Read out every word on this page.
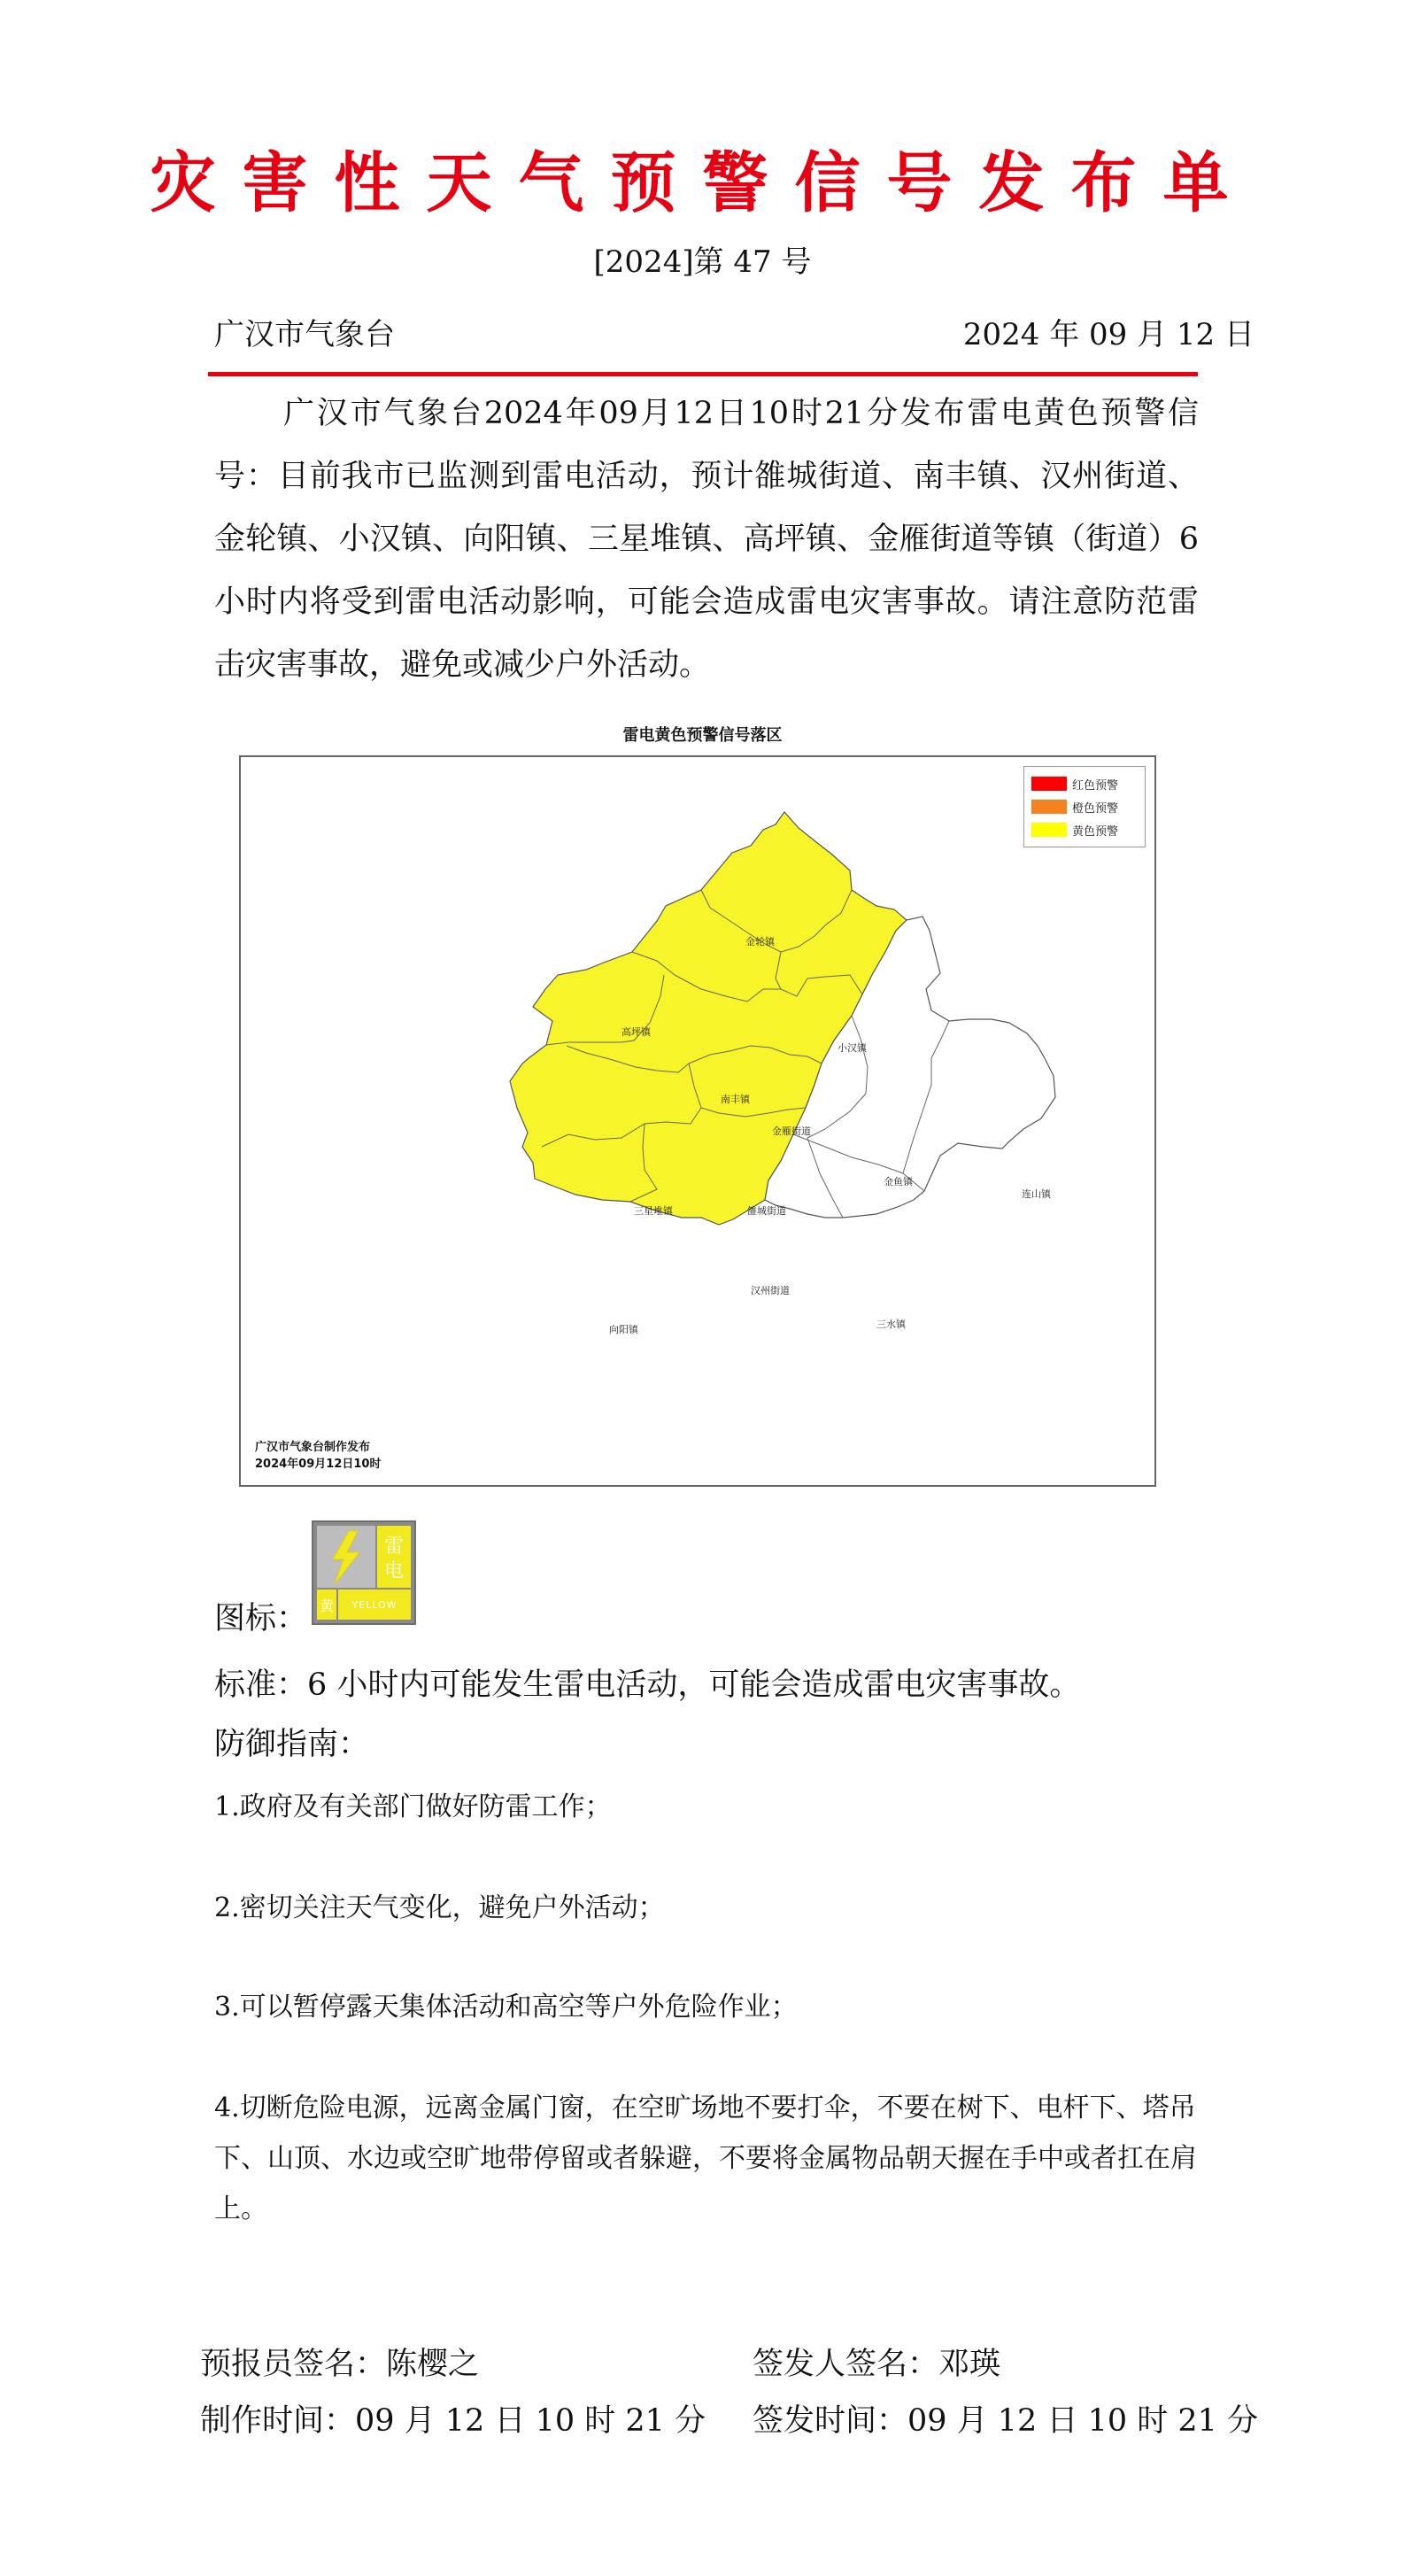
灾害性天气预警信号发布单
[2024]第 47 号
广汉市气象台	2024 年 09 月 12 日
广汉市气象台2024年09月12日10时21分发布雷电黄色预警信号：目前我市已监测到雷电活动，预计雒城街道、南丰镇、汉州街道、金轮镇、小汉镇、向阳镇、三星堆镇、高坪镇、金雁街道等镇（街道）6小时内将受到雷电活动影响，可能会造成雷电灾害事故。请注意防范雷击灾害事故，避免或减少户外活动。
雷电黄色预警信号落区
金轮镇
高坪镇
小汉镇
南丰镇
金雁街道
三星堆镇	雒城街道
汉州街道
向阳镇
金鱼镇
连山镇
三水镇
红色预警
橙色预警
黄色预警
广汉市气象台制作发布
2024年09月12日10时
图标：
雷
电
黄 YELLOW
标准：6 小时内可能发生雷电活动，可能会造成雷电灾害事故。
防御指南：
1.政府及有关部门做好防雷工作；
2.密切关注天气变化，避免户外活动；
3.可以暂停露天集体活动和高空等户外危险作业；
4.切断危险电源，远离金属门窗，在空旷场地不要打伞，不要在树下、电杆下、塔吊下、山顶、水边或空旷地带停留或者躲避，不要将金属物品朝天握在手中或者扛在肩上。
预报员签名：陈樱之	签发人签名：邓瑛
制作时间：09 月 12 日 10 时 21 分 签发时间：09 月 12 日 10 时 21 分
